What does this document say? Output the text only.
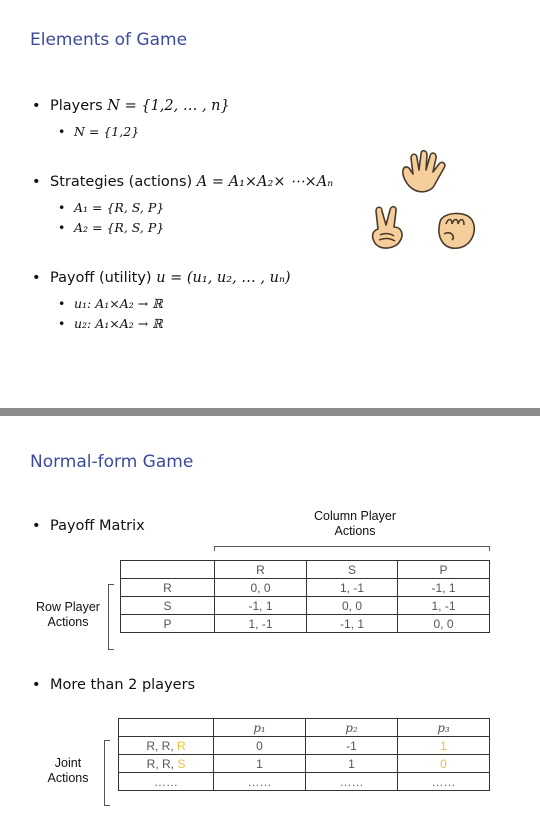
Elements of Game
• Players N = {1,2, … , n}
• N = {1,2}
• Strategies (actions) A = A₁×A₂× ⋯×Aₙ
• A₁ = {R, S, P}
• A₂ = {R, S, P}
• Payoff (utility) u = (u₁, u₂, … , uₙ)
• u₁: A₁×A₂ → ℝ
• u₂: A₁×A₂ → ℝ
Normal-form Game
• Payoff Matrix
Column Player
Actions
Row Player
Actions
	R	S	P
R	0, 0	1, -1	-1, 1
S	-1, 1	0, 0	1, -1
P	1, -1	-1, 1	0, 0
• More than 2 players
Joint
Actions
	p₁	p₂	p₃
R, R, R	0	-1	1
R, R, S	1	1	0
……	……	……	……
